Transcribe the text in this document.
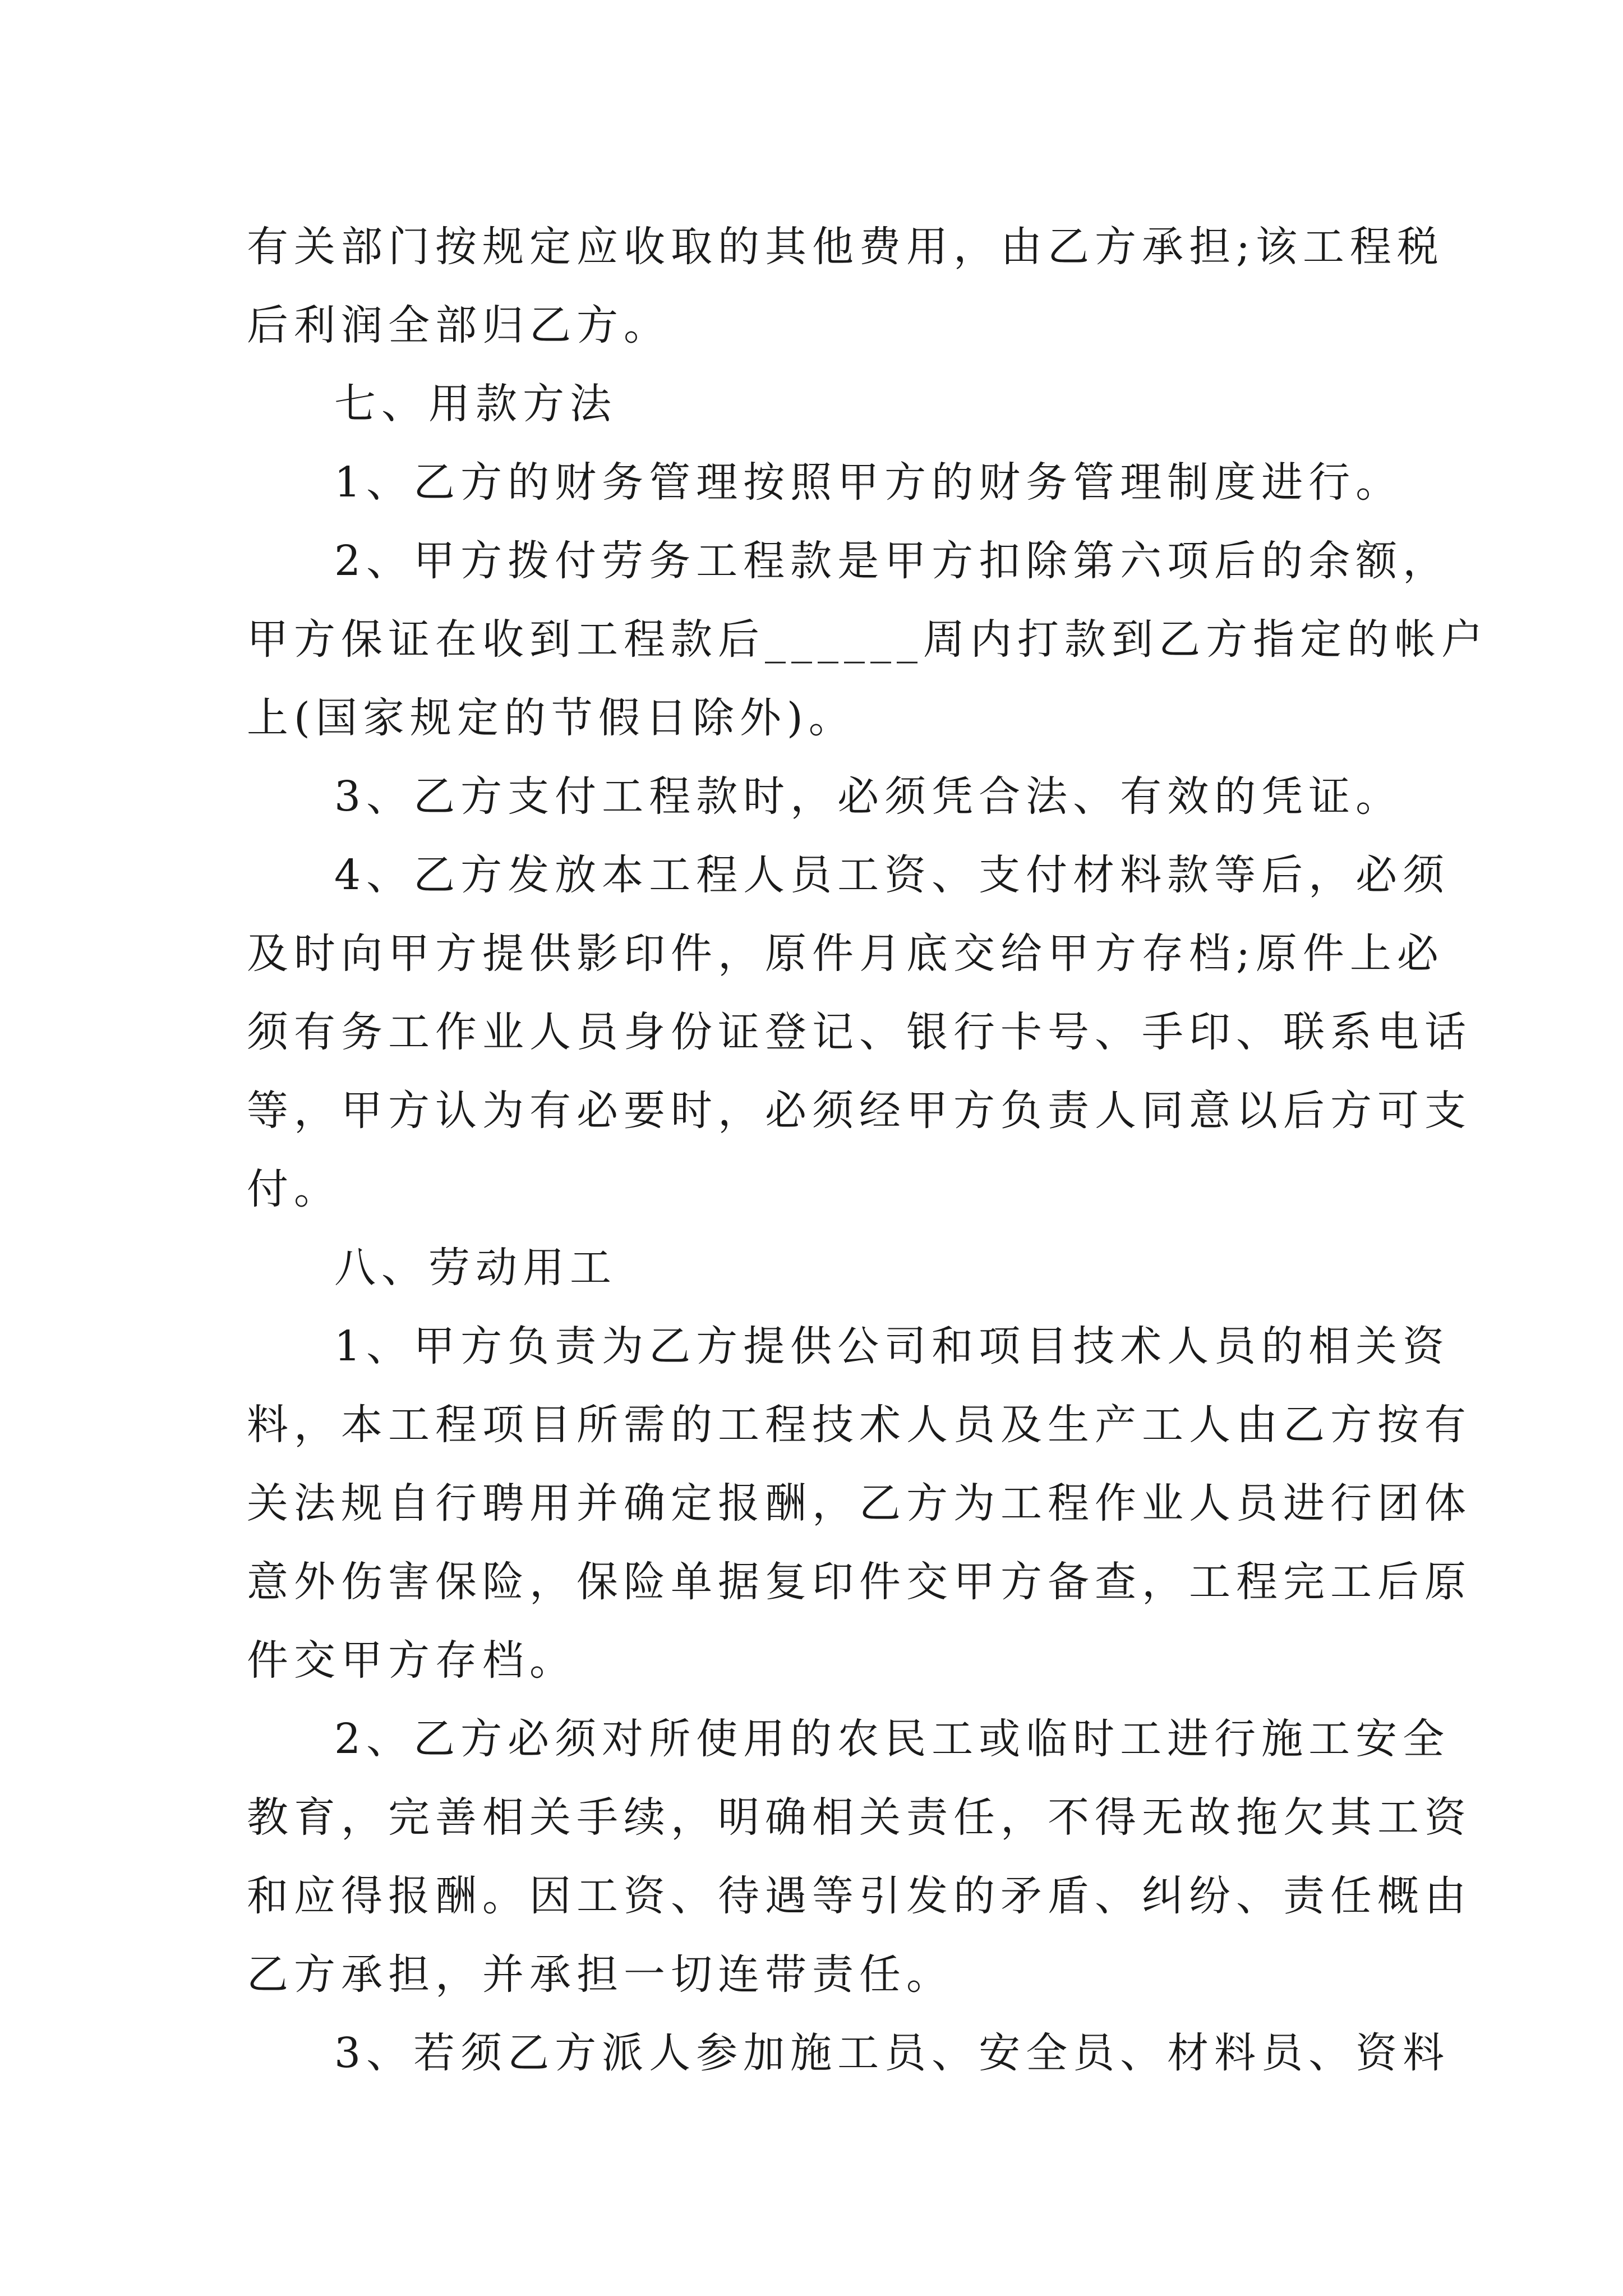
有关部门按规定应收取的其他费用，由乙方承担;该工程税
后利润全部归乙方。
七、用款方法
1、乙方的财务管理按照甲方的财务管理制度进行。
2、甲方拨付劳务工程款是甲方扣除第六项后的余额，
甲方保证在收到工程款后______周内打款到乙方指定的帐户
上(国家规定的节假日除外)。
3、乙方支付工程款时，必须凭合法、有效的凭证。
4、乙方发放本工程人员工资、支付材料款等后，必须
及时向甲方提供影印件，原件月底交给甲方存档;原件上必
须有务工作业人员身份证登记、银行卡号、手印、联系电话
等，甲方认为有必要时，必须经甲方负责人同意以后方可支
付。
八、劳动用工
1、甲方负责为乙方提供公司和项目技术人员的相关资
料，本工程项目所需的工程技术人员及生产工人由乙方按有
关法规自行聘用并确定报酬，乙方为工程作业人员进行团体
意外伤害保险，保险单据复印件交甲方备查，工程完工后原
件交甲方存档。
2、乙方必须对所使用的农民工或临时工进行施工安全
教育，完善相关手续，明确相关责任，不得无故拖欠其工资
和应得报酬。因工资、待遇等引发的矛盾、纠纷、责任概由
乙方承担，并承担一切连带责任。
3、若须乙方派人参加施工员、安全员、材料员、资料
